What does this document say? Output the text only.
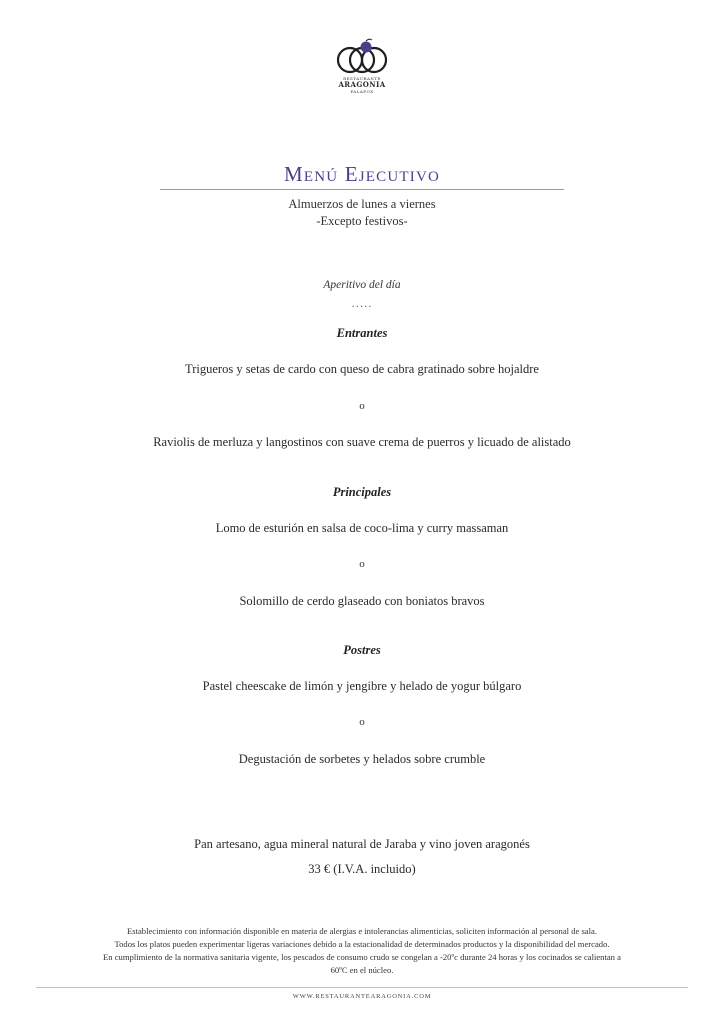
RESTAURANTE
ARAGONIA
PALAFOX
Menú Ejecutivo
Almuerzos de lunes a viernes
-Excepto festivos-
Aperitivo del día
.....
Entrantes
Trigueros y setas de cardo con queso de cabra gratinado sobre hojaldre
o
Raviolis de merluza y langostinos con suave crema de puerros y licuado de alistado
Principales
Lomo de esturión en salsa de coco-lima y curry massaman
o
Solomillo de cerdo glaseado con boniatos bravos
Postres
Pastel cheescake de limón y jengibre y helado de yogur búlgaro
o
Degustación de sorbetes y helados sobre crumble
Pan artesano, agua mineral natural de Jaraba y vino joven aragonés
33 € (I.V.A. incluido)
Establecimiento con información disponible en materia de alergias e intolerancias alimenticias, soliciten información al personal de sala.
Todos los platos pueden experimentar ligeras variaciones debido a la estacionalidad de determinados productos y la disponibilidad del mercado.
En cumplimiento de la normativa sanitaria vigente, los pescados de consumo crudo se congelan a -20ºc durante 24 horas y los cocinados se calientan a
60ºC en el núcleo.
WWW.RESTAURANTEARAGONIA.COM
